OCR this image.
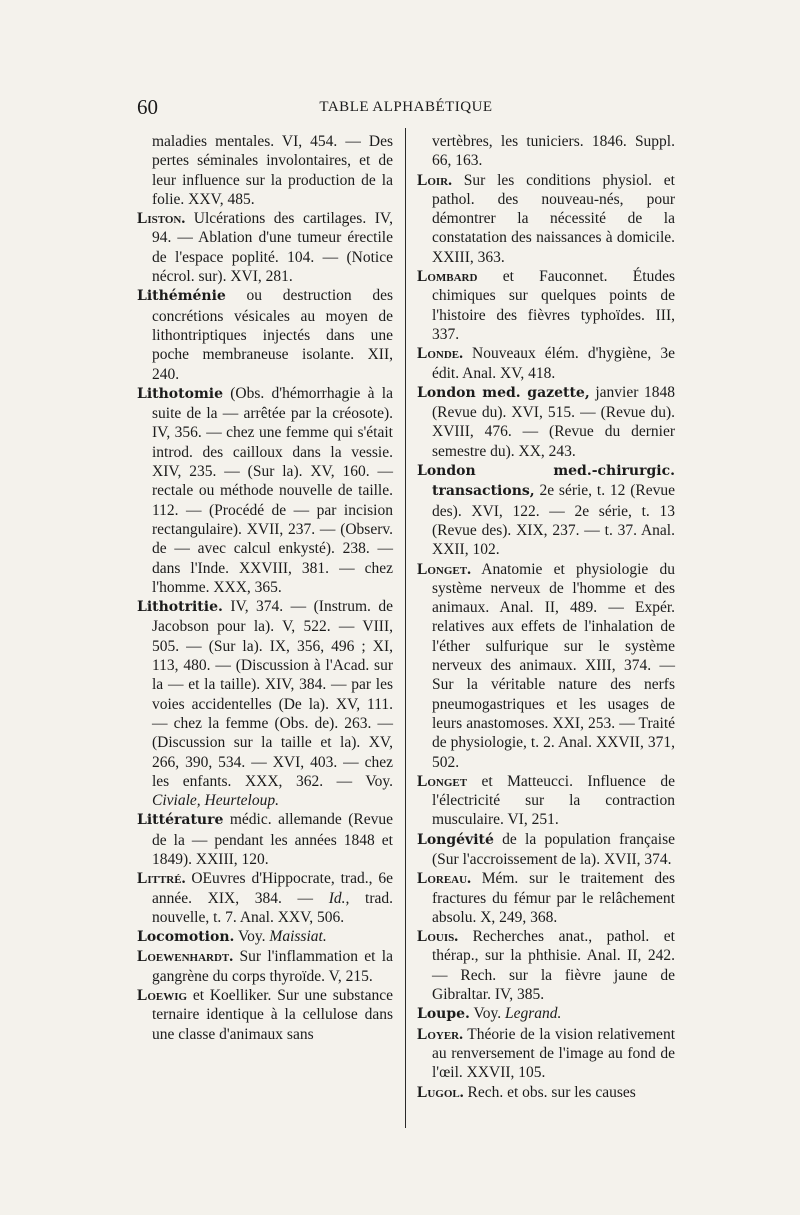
60	TABLE ALPHABÉTIQUE

maladies mentales. VI, 454. — Des pertes séminales involontaires, et de leur influence sur la production de la folie. XXV, 485.

Liston. Ulcérations des cartilages. IV, 94. — Ablation d'une tumeur érectile de l'espace poplité. 104. — (Notice nécrol. sur). XVI, 281.

Lithéménie ou destruction des concrétions vésicales au moyen de lithontriptiques injectés dans une poche membraneuse isolante. XII, 240.

Lithotomie (Obs. d'hémorrhagie à la suite de la — arrêtée par la créosote). IV, 356. — chez une femme qui s'était introd. des cailloux dans la vessie. XIV, 235. — (Sur la). XV, 160. — rectale ou méthode nouvelle de taille. 112. — (Procédé de — par incision rectangulaire). XVII, 237. — (Observ. de — avec calcul enkysté). 238. — dans l'Inde. XXVIII, 381. — chez l'homme. XXX, 365.

Lithotritie. IV, 374. — (Instrum. de Jacobson pour la). V, 522. — VIII, 505. — (Sur la). IX, 356, 496 ; XI, 113, 480. — (Discussion à l'Acad. sur la — et la taille). XIV, 384. — par les voies accidentelles (De la). XV, 111. — chez la femme (Obs. de). 263. — (Discussion sur la taille et la). XV, 266, 390, 534. — XVI, 403. — chez les enfants. XXX, 362. — Voy. Civiale, Heurteloup.

Littérature médic. allemande (Revue de la — pendant les années 1848 et 1849). XXIII, 120.

Littré. OEuvres d'Hippocrate, trad., 6e année. XIX, 384. — Id., trad. nouvelle, t. 7. Anal. XXV, 506.

Locomotion. Voy. Maissiat.

Loewenhardt. Sur l'inflammation et la gangrène du corps thyroïde. V, 215.

Loewig et Koelliker. Sur une substance ternaire identique à la cellulose dans une classe d'animaux sans

vertèbres, les tuniciers. 1846. Suppl. 66, 163.

Loir. Sur les conditions physiol. et pathol. des nouveau-nés, pour démontrer la nécessité de la constatation des naissances à domicile. XXIII, 363.

Lombard et Fauconnet. Études chimiques sur quelques points de l'histoire des fièvres typhoïdes. III, 337.

Londe. Nouveaux élém. d'hygiène, 3e édit. Anal. XV, 418.

London med. gazette, janvier 1848 (Revue du). XVI, 515. — (Revue du). XVIII, 476. — (Revue du dernier semestre du). XX, 243.

London med.-chirurgic. transactions, 2e série, t. 12 (Revue des). XVI, 122. — 2e série, t. 13 (Revue des). XIX, 237. — t. 37. Anal. XXII, 102.

Longet. Anatomie et physiologie du système nerveux de l'homme et des animaux. Anal. II, 489. — Expér. relatives aux effets de l'inhalation de l'éther sulfurique sur le système nerveux des animaux. XIII, 374. — Sur la véritable nature des nerfs pneumogastriques et les usages de leurs anastomoses. XXI, 253. — Traité de physiologie, t. 2. Anal. XXVII, 371, 502.

Longet et Matteucci. Influence de l'électricité sur la contraction musculaire. VI, 251.

Longévité de la population française (Sur l'accroissement de la). XVII, 374.

Loreau. Mém. sur le traitement des fractures du fémur par le relâchement absolu. X, 249, 368.

Louis. Recherches anat., pathol. et thérap., sur la phthisie. Anal. II, 242. — Rech. sur la fièvre jaune de Gibraltar. IV, 385.

Loupe. Voy. Legrand.

Loyer. Théorie de la vision relativement au renversement de l'image au fond de l'œil. XXVII, 105.

Lugol. Rech. et obs. sur les causes
